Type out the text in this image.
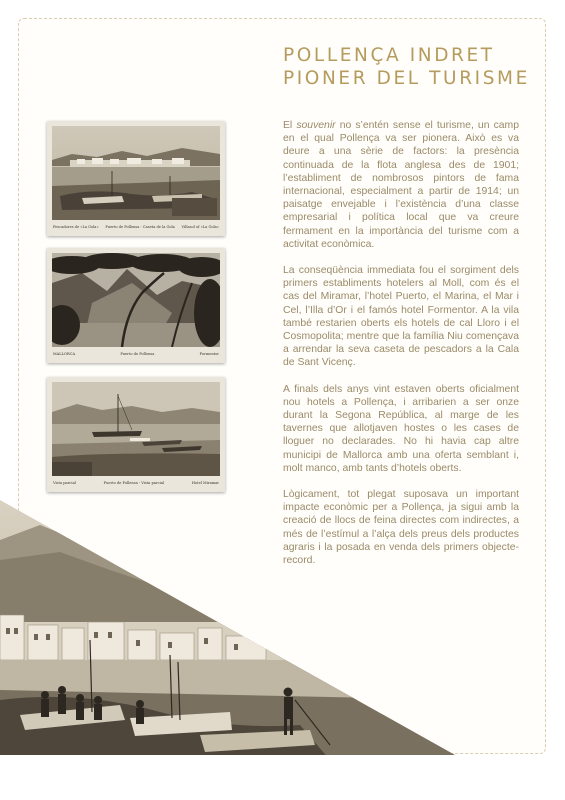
POLLENÇA INDRET
PIONER DEL TURISME

El souvenir no s’entén sense el turisme, un camp en el qual Pollença va ser pionera. Això es va deure a una sèrie de factors: la presència continuada de la flota anglesa des de 1901; l’establiment de nombrosos pintors de fama internacional, especialment a partir de 1914; un paisatge envejable i l’existència d’una classe empresarial i política local que va creure fermament en la importància del turisme com a activitat econòmica.

La conseqüència immediata fou el sorgiment dels primers establiments hotelers al Moll, com és el cas del Miramar, l’hotel Puerto, el Marina, el Mar i Cel, l’Illa d’Or i el famós hotel Formentor. A la vila també restarien oberts els hotels de cal Lloro i el Cosmopolita; mentre que la família Niu començava a arrendar la seva caseta de pescadors a la Cala de Sant Vicenç.

A finals dels anys vint estaven oberts oficialment nou hotels a Pollença, i arribarien a ser onze durant la Segona República, al marge de les tavernes que allotjaven hostes o les cases de lloguer no declarades. No hi havia cap altre municipi de Mallorca amb una oferta semblant i, molt manco, amb tants d’hotels oberts.

Lògicament, tot plegat suposava un important impacte econòmic per a Pollença, ja sigui amb la creació de llocs de feina directes com indirectes, a més de l’estímul a l’alça dels preus dels productes agraris i la posada en venda dels primers objecte-record.

Pescadores de «La Gola» Puerto de Pollensa - Caseta de la Gola Villasol of «La Gola»
MALLORCA	Puerto de Pollensa	Formentor
Vista parcial	Puerto de Pollensa - Vista parcial	Hotel Miramar
